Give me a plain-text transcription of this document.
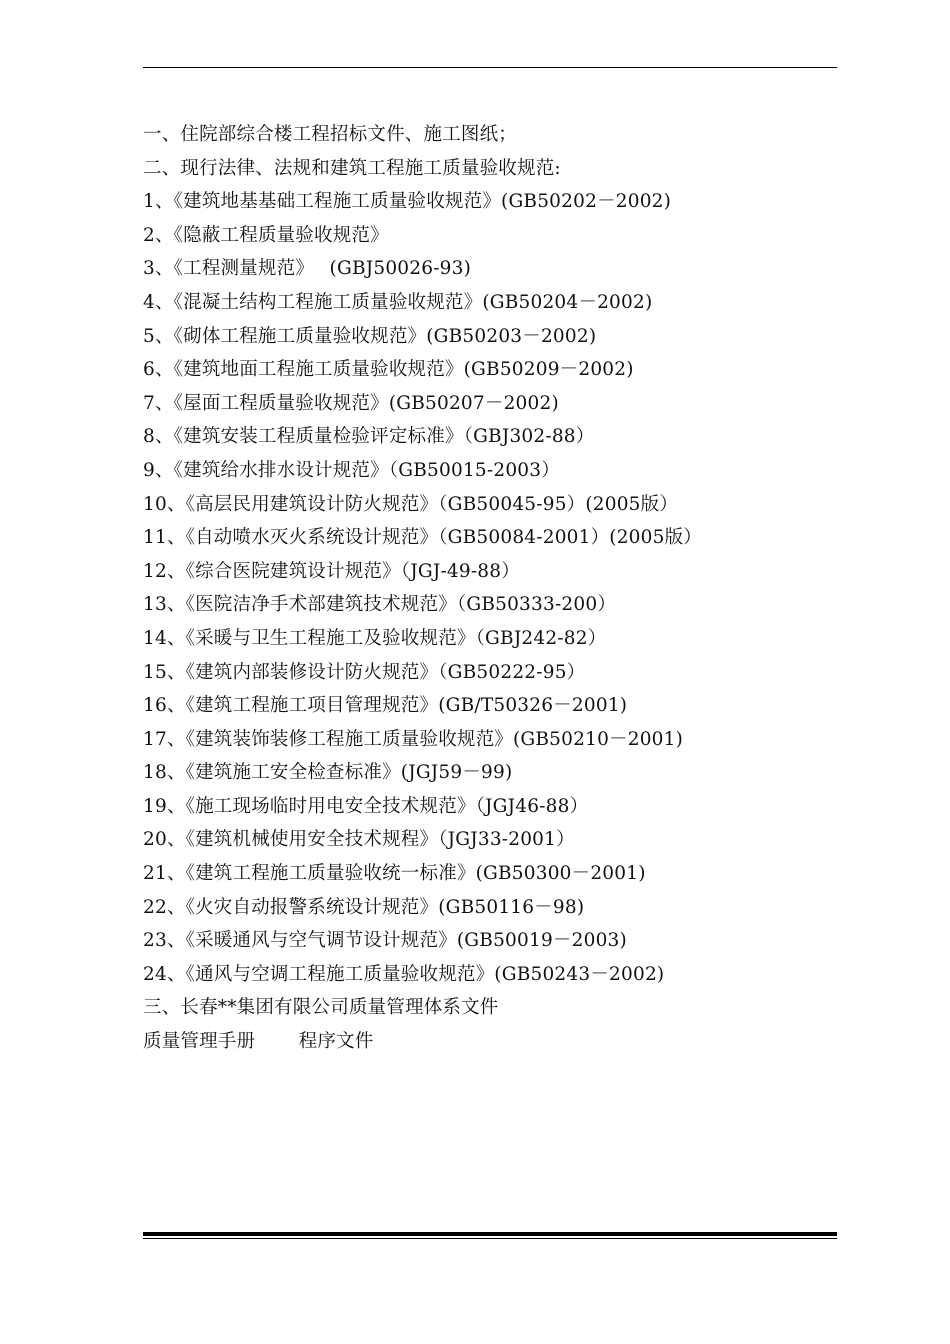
一、住院部综合楼工程招标文件、施工图纸；
二、现行法律、法规和建筑工程施工质量验收规范:
1、《建筑地基基础工程施工质量验收规范》(GB50202－2002)
2、《隐蔽工程质量验收规范》
3、《工程测量规范》　 (GBJ50026-93)
4、《混凝土结构工程施工质量验收规范》(GB50204－2002)
5、《砌体工程施工质量验收规范》(GB50203－2002)
6、《建筑地面工程施工质量验收规范》(GB50209－2002)
7、《屋面工程质量验收规范》(GB50207－2002)
8、《建筑安装工程质量检验评定标准》（GBJ302-88）
9、《建筑给水排水设计规范》（GB50015-2003）
10、《高层民用建筑设计防火规范》（GB50045-95）(2005版）
11、《自动喷水灭火系统设计规范》（GB50084-2001）(2005版）
12、《综合医院建筑设计规范》（JGJ-49-88）
13、《医院洁净手术部建筑技术规范》（GB50333-200）
14、《采暖与卫生工程施工及验收规范》（GBJ242-82）
15、《建筑内部装修设计防火规范》（GB50222-95）
16、《建筑工程施工项目管理规范》(GB/T50326－2001)
17、《建筑装饰装修工程施工质量验收规范》(GB50210－2001)
18、《建筑施工安全检查标准》(JGJ59－99)
19、《施工现场临时用电安全技术规范》（JGJ46-88）
20、《建筑机械使用安全技术规程》（JGJ33-2001）
21、《建筑工程施工质量验收统一标准》(GB50300－2001)
22、《火灾自动报警系统设计规范》(GB50116－98)
23、《采暖通风与空气调节设计规范》(GB50019－2003)
24、《通风与空调工程施工质量验收规范》(GB50243－2002)
三、长春**集团有限公司质量管理体系文件
质量管理手册　　 程序文件
